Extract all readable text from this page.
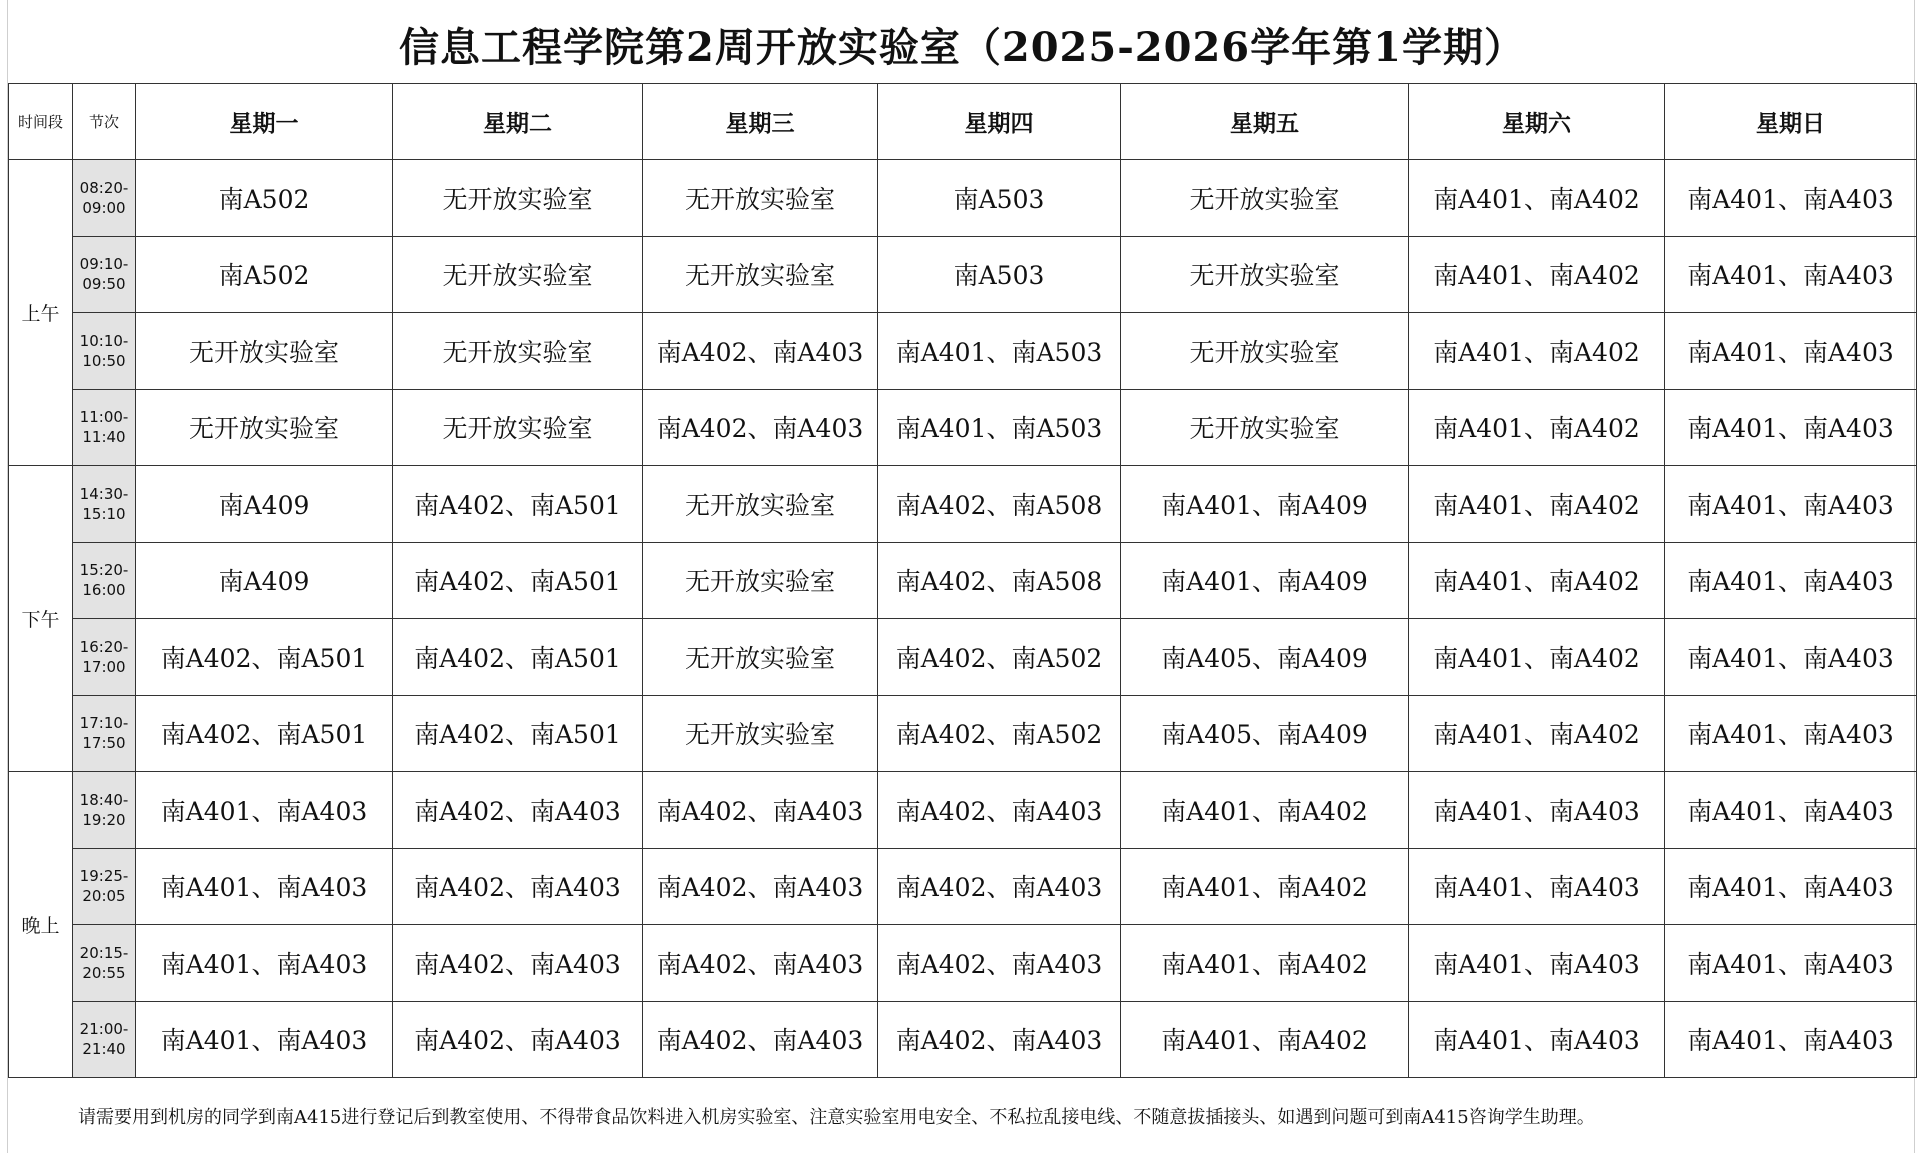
信息工程学院第2周开放实验室（2025-2026学年第1学期）
时间段	节次	星期一	星期二	星期三	星期四	星期五	星期六	星期日
上午	08:20-
09:00	南A502	无开放实验室	无开放实验室	南A503	无开放实验室	南A401、南A402	南A401、南A403

	09:10-
09:50	南A502	无开放实验室	无开放实验室	南A503	无开放实验室	南A401、南A402	南A401、南A403

	10:10-
10:50	无开放实验室	无开放实验室	南A402、南A403	南A401、南A503	无开放实验室	南A401、南A402	南A401、南A403

	11:00-
11:40	无开放实验室	无开放实验室	南A402、南A403	南A401、南A503	无开放实验室	南A401、南A402	南A401、南A403
下午	14:30-
15:10	南A409	南A402、南A501	无开放实验室	南A402、南A508	南A401、南A409	南A401、南A402	南A401、南A403

	15:20-
16:00	南A409	南A402、南A501	无开放实验室	南A402、南A508	南A401、南A409	南A401、南A402	南A401、南A403

	16:20-
17:00	南A402、南A501	南A402、南A501	无开放实验室	南A402、南A502	南A405、南A409	南A401、南A402	南A401、南A403

	17:10-
17:50	南A402、南A501	南A402、南A501	无开放实验室	南A402、南A502	南A405、南A409	南A401、南A402	南A401、南A403
晚上	18:40-
19:20	南A401、南A403	南A402、南A403	南A402、南A403	南A402、南A403	南A401、南A402	南A401、南A403	南A401、南A403

	19:25-
20:05	南A401、南A403	南A402、南A403	南A402、南A403	南A402、南A403	南A401、南A402	南A401、南A403	南A401、南A403

	20:15-
20:55	南A401、南A403	南A402、南A403	南A402、南A403	南A402、南A403	南A401、南A402	南A401、南A403	南A401、南A403

	21:00-
21:40	南A401、南A403	南A402、南A403	南A402、南A403	南A402、南A403	南A401、南A402	南A401、南A403	南A401、南A403
请需要用到机房的同学到南A415进行登记后到教室使用、不得带食品饮料进入机房实验室、注意实验室用电安全、不私拉乱接电线、不随意拔插接头、如遇到问题可到南A415咨询学生助理。
